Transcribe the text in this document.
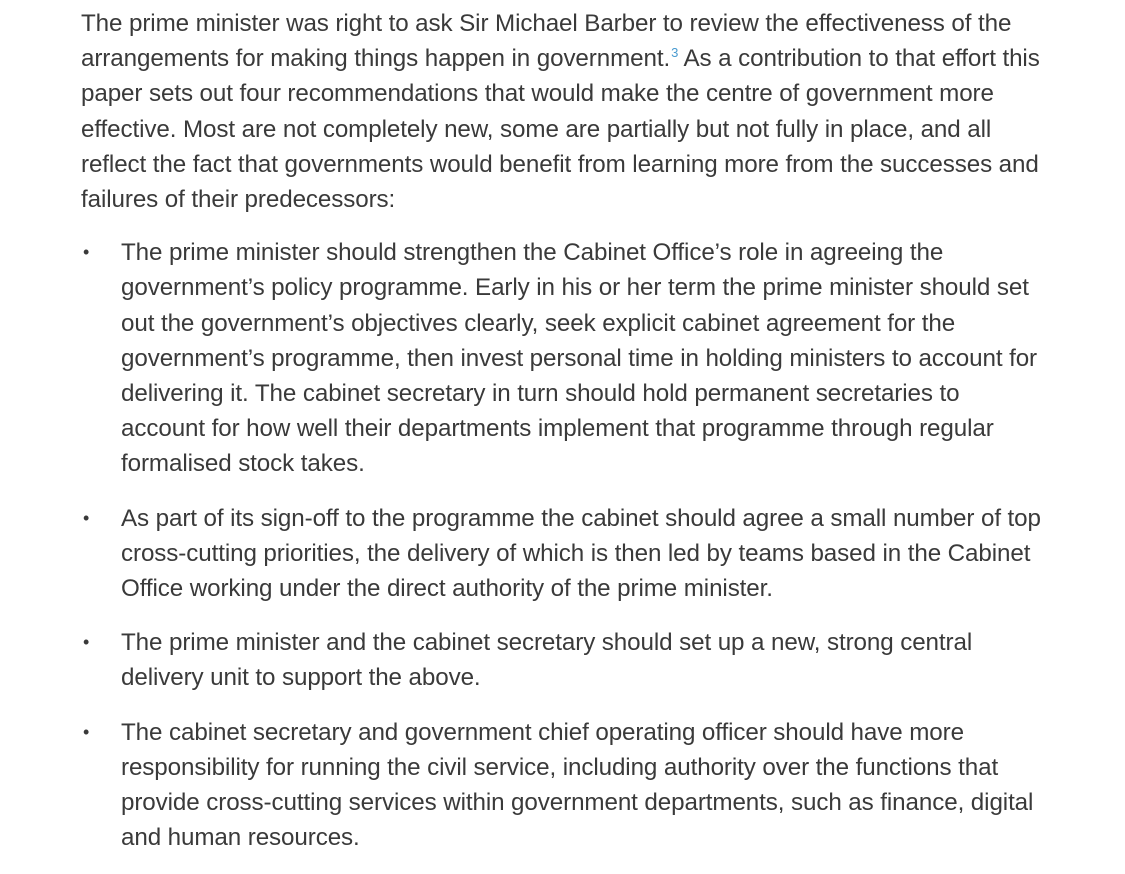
The prime minister was right to ask Sir Michael Barber to review the effectiveness of the arrangements for making things happen in government.$^3$ As a contribution to that effort this paper sets out four recommendations that would make the centre of government more effective. Most are not completely new, some are partially but not fully in place, and all reflect the fact that governments would benefit from learning more from the successes and failures of their predecessors:

• The prime minister should strengthen the Cabinet Office’s role in agreeing the government’s policy programme. Early in his or her term the prime minister should set out the government’s objectives clearly, seek explicit cabinet agreement for the government’s programme, then invest personal time in holding ministers to account for delivering it. The cabinet secretary in turn should hold permanent secretaries to account for how well their departments implement that programme through regular formalised stock takes.
• As part of its sign-off to the programme the cabinet should agree a small number of top cross-cutting priorities, the delivery of which is then led by teams based in the Cabinet Office working under the direct authority of the prime minister.
• The prime minister and the cabinet secretary should set up a new, strong central delivery unit to support the above.
• The cabinet secretary and government chief operating officer should have more responsibility for running the civil service, including authority over the functions that provide cross-cutting services within government departments, such as finance, digital and human resources.
